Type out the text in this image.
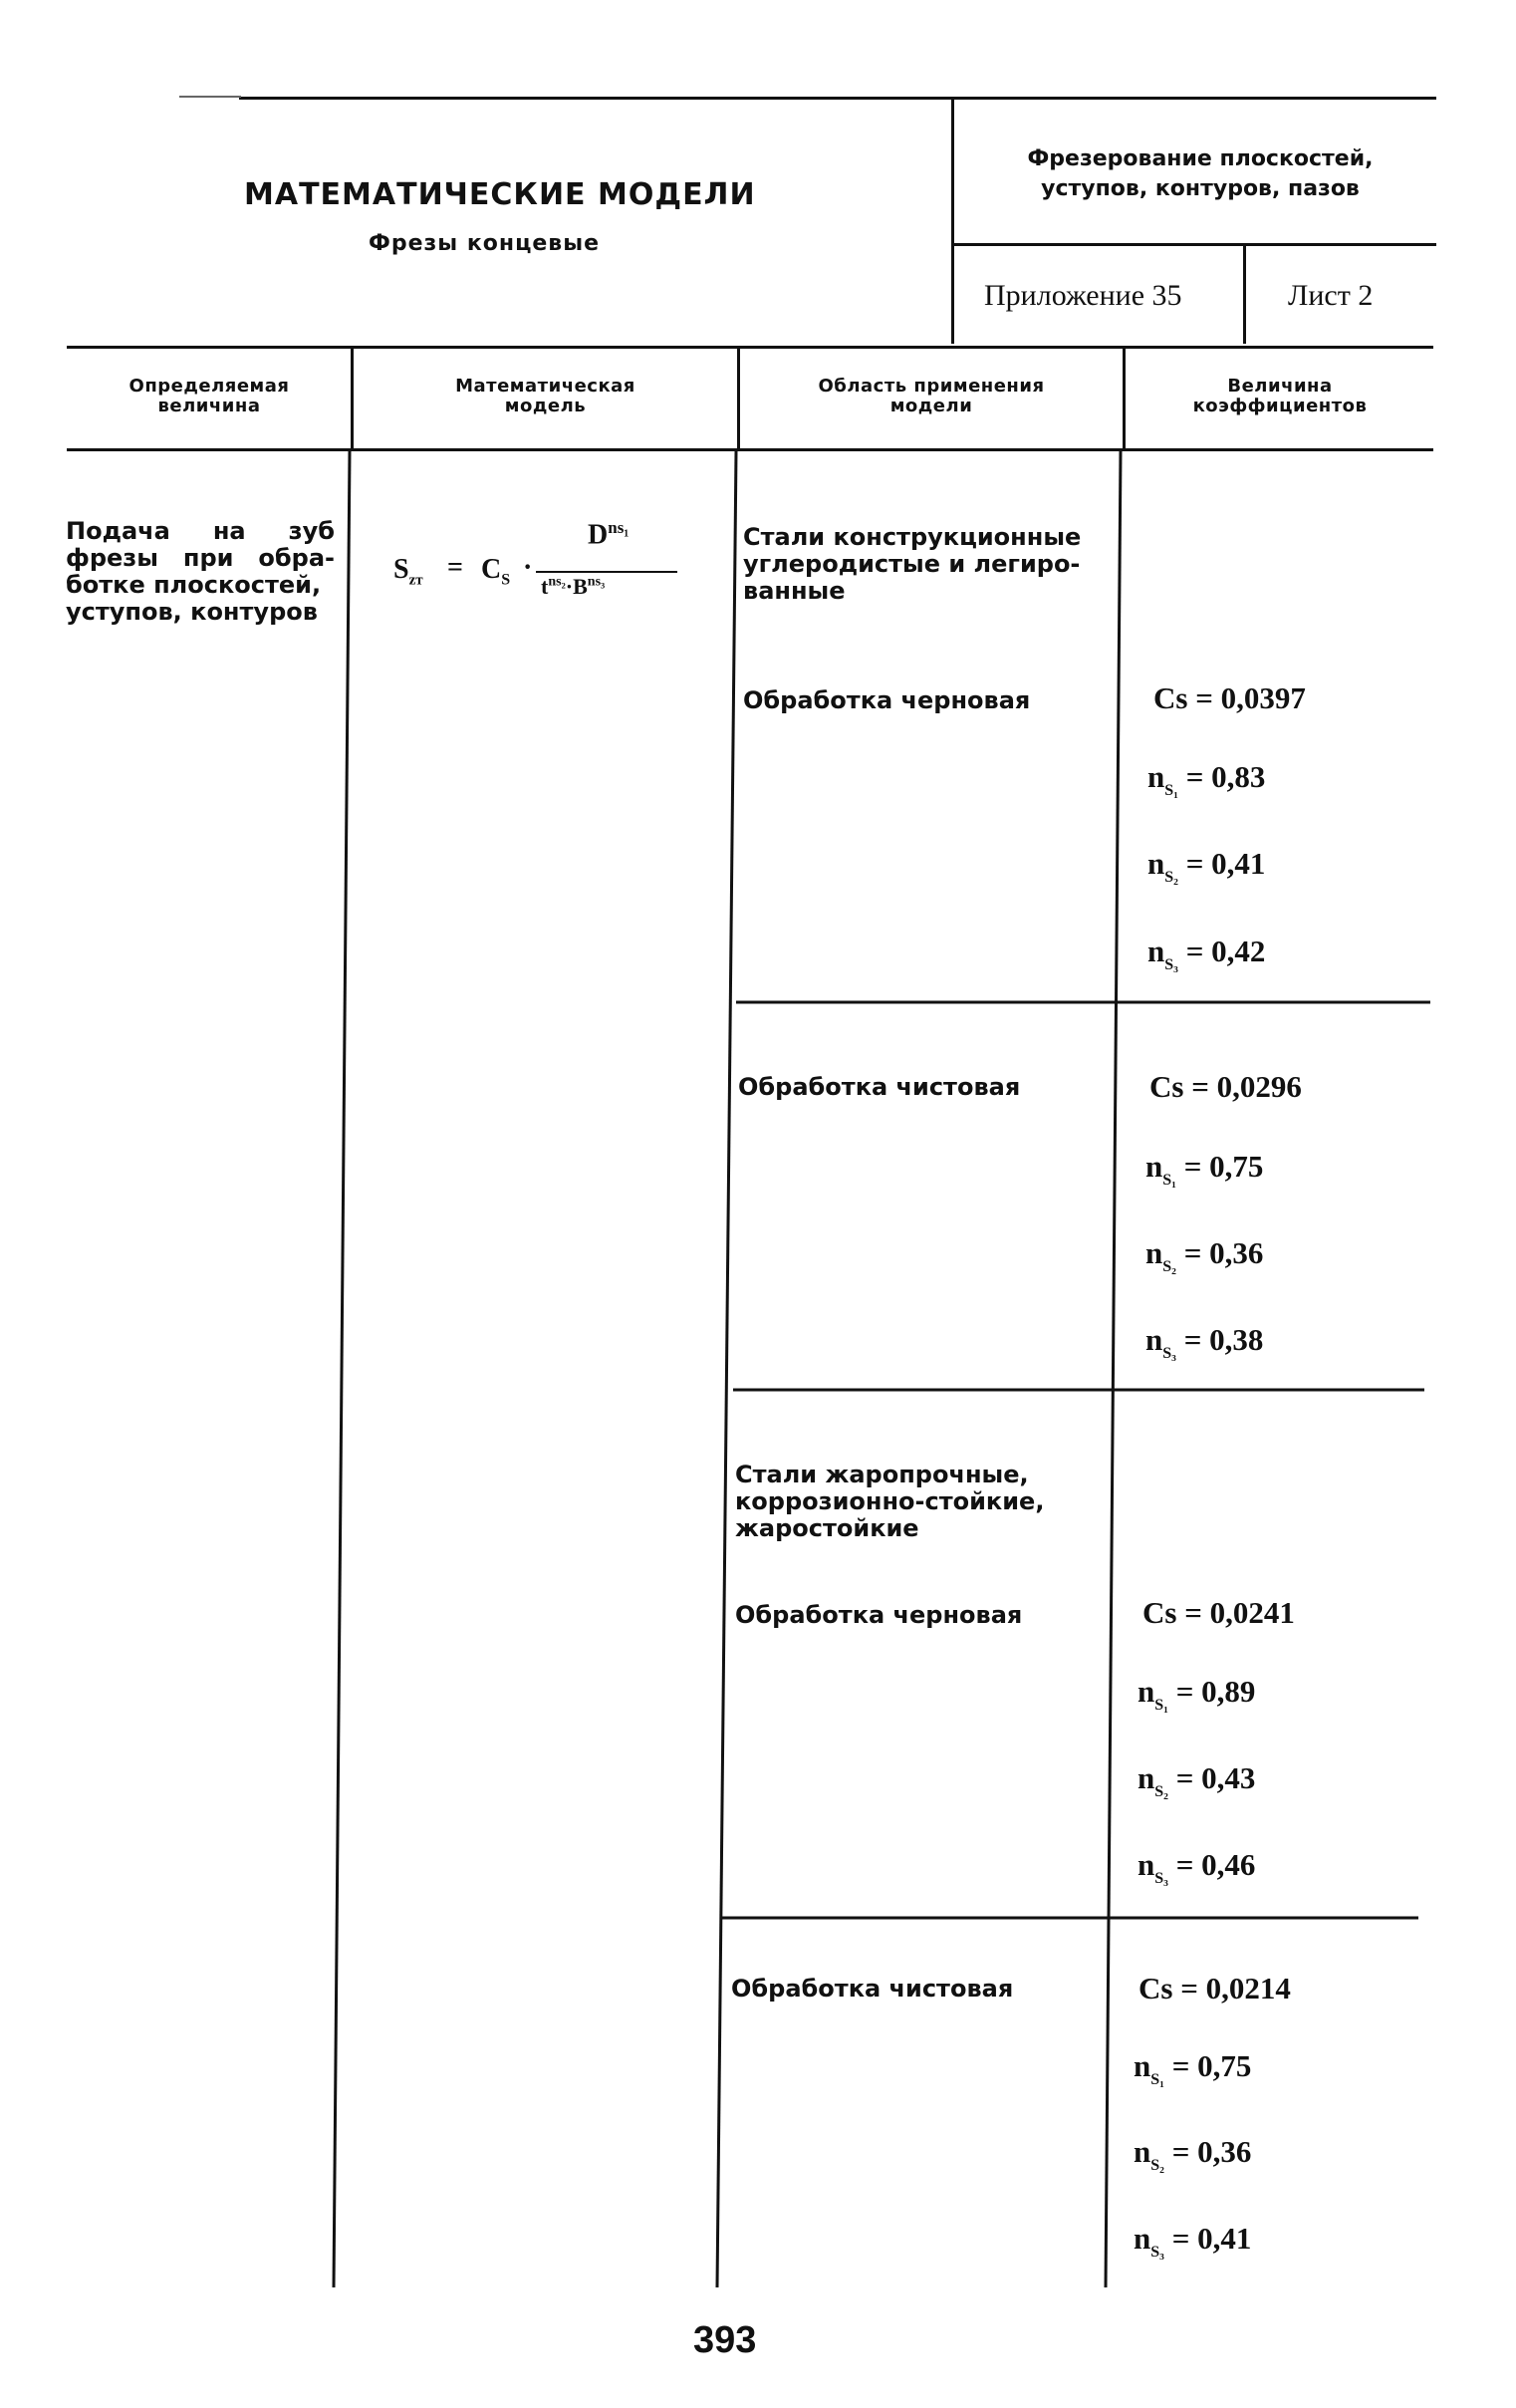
МАТЕМАТИЧЕСКИЕ МОДЕЛИ
Фрезы концевые
Фрезерование плоскостей,
уступов, контуров, пазов
Приложение 35	Лист 2
Определяемая
величина
Математическая
модель
Область применения
модели
Величина
коэффициентов
Подача на зуб
фрезы при обра-
ботке плоскостей,
уступов, контуров
$S_{zт} = C_S$ ·
$D^{ns_1}$
$t^{ns_2}\cdot B^{ns_3}$
Стали конструкционные
углеродистые и легиро-
ванные
Обработка черновая
Обработка чистовая
Стали жаропрочные,
коррозионно-стойкие,
жаростойкие
Обработка черновая
Обработка чистовая
Cs = 0,0397
$n_{S_1} = 0,83$
$n_{S_2} = 0,41$
$n_{S_3} = 0,42$
Cs = 0,0296
$n_{S_1} = 0,75$
$n_{S_2} = 0,36$
$n_{S_3} = 0,38$
Cs = 0,0241
$n_{S_1} = 0,89$
$n_{S_2} = 0,43$
$n_{S_3} = 0,46$
Cs = 0,0214
$n_{S_1} = 0,75$
$n_{S_2} = 0,36$
$n_{S_3} = 0,41$
393
